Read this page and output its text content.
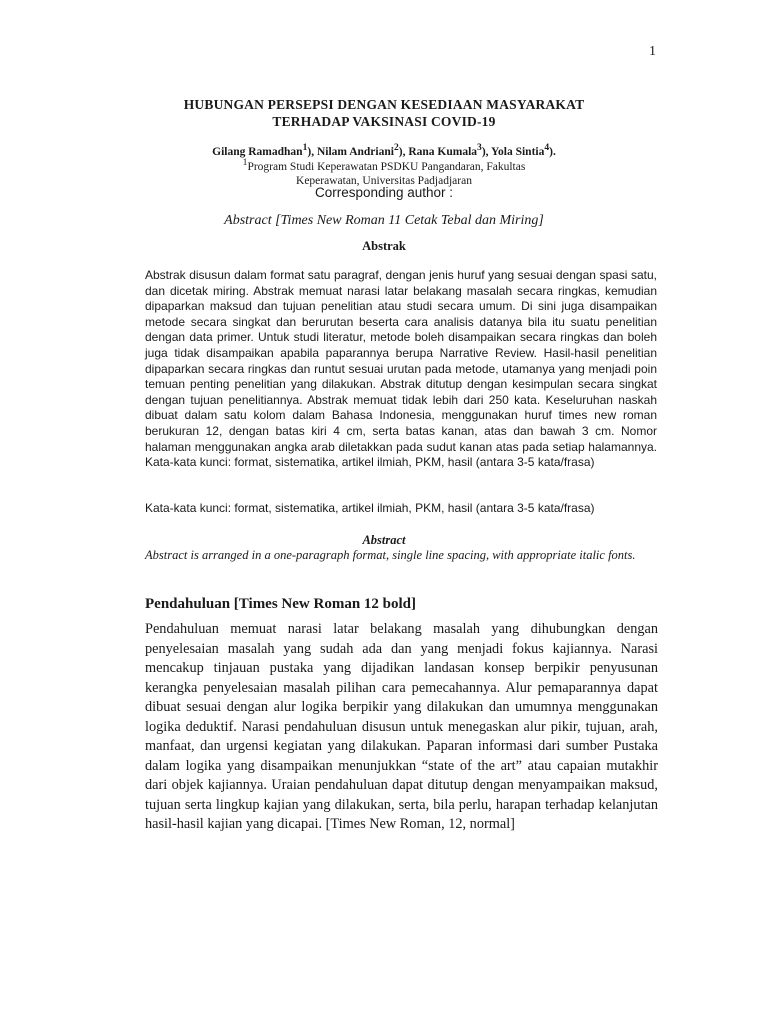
1
HUBUNGAN PERSEPSI DENGAN KESEDIAAN MASYARAKAT
TERHADAP VAKSINASI COVID-19
Gilang Ramadhan$^1$), Nilam Andriani$^2$), Rana Kumala$^3$), Yola Sintia$^4$).
$^1$Program Studi Keperawatan PSDKU Pangandaran, Fakultas
Keperawatan, Universitas Padjadjaran
Corresponding author :
Abstract [Times New Roman 11 Cetak Tebal dan Miring]
Abstrak

Abstrak disusun dalam format satu paragraf, dengan jenis huruf yang sesuai dengan spasi satu, dan dicetak miring. Abstrak memuat narasi latar belakang masalah secara ringkas, kemudian dipaparkan maksud dan tujuan penelitian atau studi secara umum. Di sini juga disampaikan metode secara singkat dan berurutan beserta cara analisis datanya bila itu suatu penelitian dengan data primer. Untuk studi literatur, metode boleh disampaikan secara ringkas dan boleh juga tidak disampaikan apabila paparannya berupa Narrative Review. Hasil-hasil penelitian dipaparkan secara ringkas dan runtut sesuai urutan pada metode, utamanya yang menjadi poin temuan penting penelitian yang dilakukan. Abstrak ditutup dengan kesimpulan secara singkat dengan tujuan penelitiannya. Abstrak memuat tidak lebih dari 250 kata. Keseluruhan naskah dibuat dalam satu kolom dalam Bahasa Indonesia, menggunakan huruf times new roman berukuran 12, dengan batas kiri 4 cm, serta batas kanan, atas dan bawah 3 cm. Nomor halaman menggunakan angka arab diletakkan pada sudut kanan atas pada setiap halamannya. Kata-kata kunci: format, sistematika, artikel ilmiah, PKM, hasil (antara 3-5 kata/frasa)

Kata-kata kunci: format, sistematika, artikel ilmiah, PKM, hasil (antara 3-5 kata/frasa)

Abstract

Abstract is arranged in a one-paragraph format, single line spacing, with appropriate italic fonts.

Pendahuluan [Times New Roman 12 bold]

Pendahuluan memuat narasi latar belakang masalah yang dihubungkan dengan penyelesaian masalah yang sudah ada dan yang menjadi fokus kajiannya. Narasi mencakup tinjauan pustaka yang dijadikan landasan konsep berpikir penyusunan kerangka penyelesaian masalah pilihan cara pemecahannya. Alur pemaparannya dapat dibuat sesuai dengan alur logika berpikir yang dilakukan dan umumnya menggunakan logika deduktif. Narasi pendahuluan disusun untuk menegaskan alur pikir, tujuan, arah, manfaat, dan urgensi kegiatan yang dilakukan. Paparan informasi dari sumber Pustaka dalam logika yang disampaikan menunjukkan “state of the art” atau capaian mutakhir dari objek kajiannya. Uraian pendahuluan dapat ditutup dengan menyampaikan maksud, tujuan serta lingkup kajian yang dilakukan, serta, bila perlu, harapan terhadap kelanjutan hasil-hasil kajian yang dicapai. [Times New Roman, 12, normal]
